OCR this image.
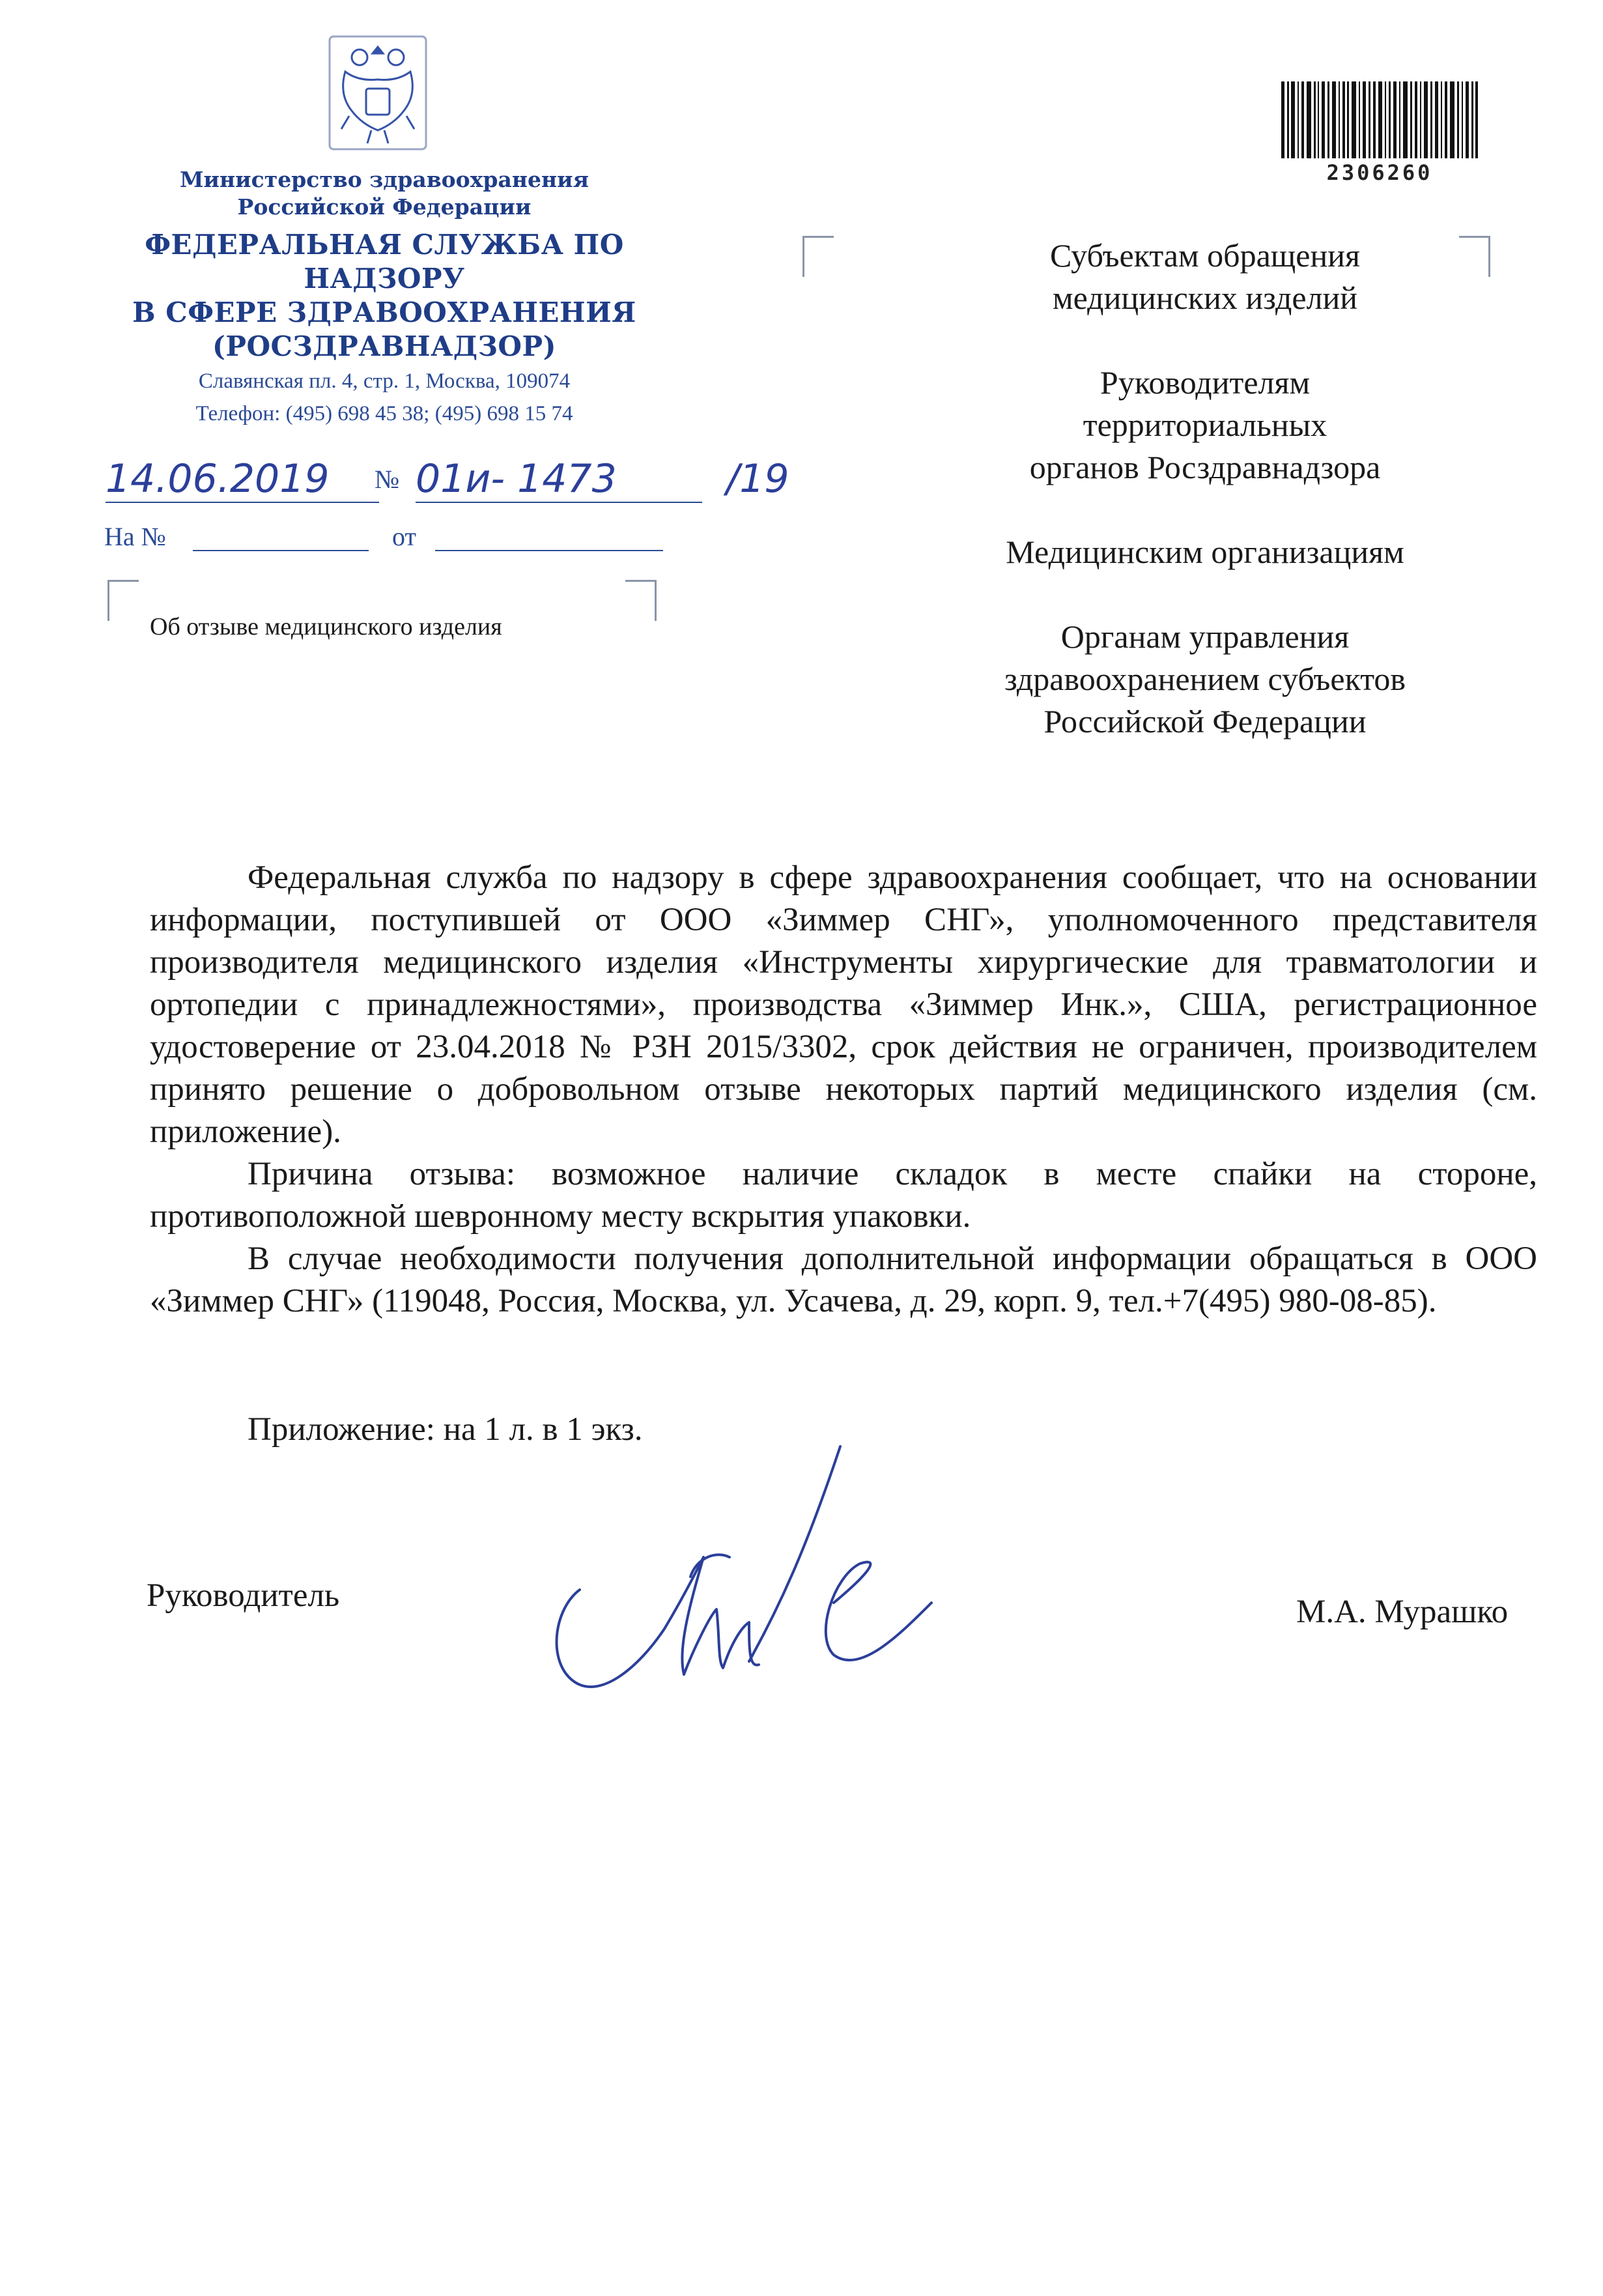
Министерство здравоохранения
Российской Федерации
ФЕДЕРАЛЬНАЯ СЛУЖБА ПО НАДЗОРУ
В СФЕРЕ ЗДРАВООХРАНЕНИЯ
(РОСЗДРАВНАДЗОР)
Славянская пл. 4, стр. 1, Москва, 109074
Телефон: (495) 698 45 38; (495) 698 15 74
14.06.2019	№ 01и- 1473	/19
На №	от
Об отзыве медицинского изделия
2306260
Субъектам обращения
медицинских изделий
Руководителям
территориальных
органов Росздравнадзора
Медицинским организациям
Органам управления
здравоохранением субъектов
Российской Федерации

Федеральная служба по надзору в сфере здравоохранения сообщает, что на основании информации, поступившей от ООО «Зиммер СНГ», уполномоченного представителя производителя медицинского изделия «Инструменты хирургические для травматологии и ортопедии с принадлежностями», производства «Зиммер Инк.», США, регистрационное удостоверение от 23.04.2018 № РЗН 2015/3302, срок действия не ограничен, производителем принято решение о добровольном отзыве некоторых партий медицинского изделия (см. приложение).

Причина отзыва: возможное наличие складок в месте спайки на стороне, противоположной шевронному месту вскрытия упаковки.

В случае необходимости получения дополнительной информации обращаться в ООО «Зиммер СНГ» (119048, Россия, Москва, ул. Усачева, д. 29, корп. 9, тел.+7(495) 980-08-85).

Приложение: на 1 л. в 1 экз.
Руководитель	М.А. Мурашко
